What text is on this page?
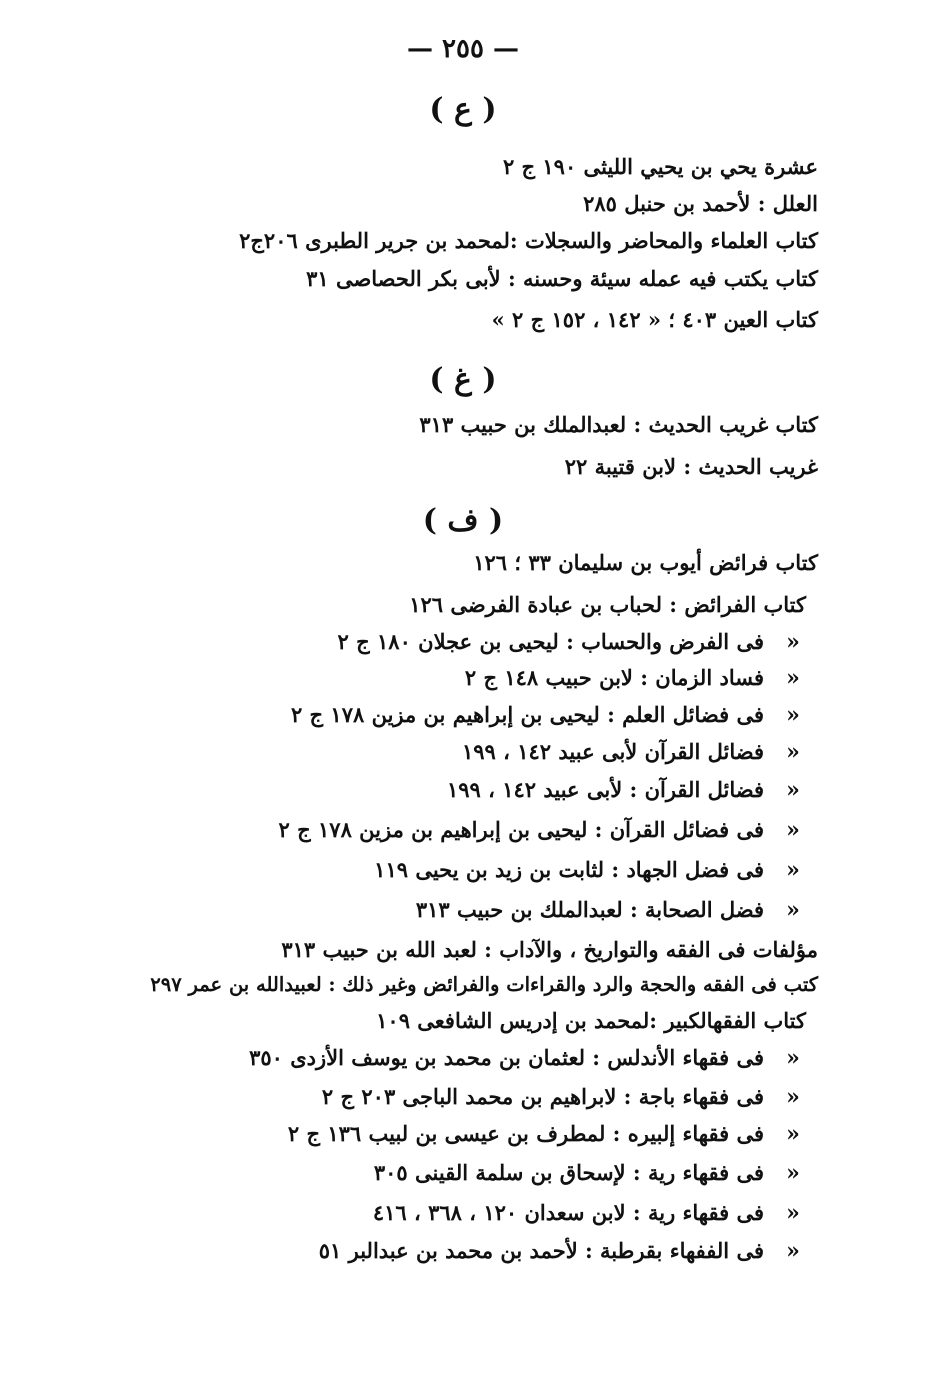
— ٢٥٥ —
( ع )
عشرة يحي بن يحيي الليثى ١٩٠ ج ٢
العلل : لأحمد بن حنبل ٢٨٥
كتاب العلماء والمحاضر والسجلات :لمحمد بن جرير الطبرى ٢٠٦ج٢
كتاب يكتب فيه عمله سيئة وحسنه : لأبى بكر الحصاصى ٣١
كتاب العين ٤٠٣ ؛ « ١٤٢ ، ١٥٢ ج ٢ »
( غ )
كتاب غريب الحديث : لعبدالملك بن حبيب ٣١٣
غريب الحديث : لابن قتيبة ٢٢
( ف )
كتاب فرائض أيوب بن سليمان ٣٣ ؛ ١٢٦
كتاب الفرائض : لحباب بن عبادة الفرضى ١٢٦
«
فى الفرض والحساب : ليحيى بن عجلان ١٨٠ ج ٢
«
فساد الزمان : لابن حبيب ١٤٨ ج ٢
«
فى فضائل العلم : ليحيى بن إبراهيم بن مزين ١٧٨ ج ٢
«
فضائل القرآن لأبى عبيد ١٤٢ ، ١٩٩
«
فضائل القرآن : لأبى عبيد ١٤٢ ، ١٩٩
«
فى فضائل القرآن : ليحيى بن إبراهيم بن مزين ١٧٨ ج ٢
«
فى فضل الجهاد : لثابت بن زيد بن يحيى ١١٩
«
فضل الصحابة : لعبدالملك بن حبيب ٣١٣
مؤلفات فى الفقه والتواريخ ، والآداب : لعبد الله بن حبيب ٣١٣
كتب فى الفقه والحجة والرد والقراءات والفرائض وغير ذلك : لعبيدالله بن عمر ٢٩٧
كتاب الفقهالكبير :لمحمد بن إدريس الشافعى ١٠٩
«
فى فقهاء الأندلس : لعثمان بن محمد بن يوسف الأزدى ٣٥٠
«
فى فقهاء باجة : لابراهيم بن محمد الباجى ٢٠٣ ج ٢
«
فى فقهاء إلبيره : لمطرف بن عيسى بن لبيب ١٣٦ ج ٢
«
فى فقهاء رية : لإسحاق بن سلمة القينى ٣٠٥
«
فى فقهاء رية : لابن سعدان ١٢٠ ، ٣٦٨ ، ٤١٦
«
فى الففهاء بقرطبة : لأحمد بن محمد بن عبدالبر ٥١
